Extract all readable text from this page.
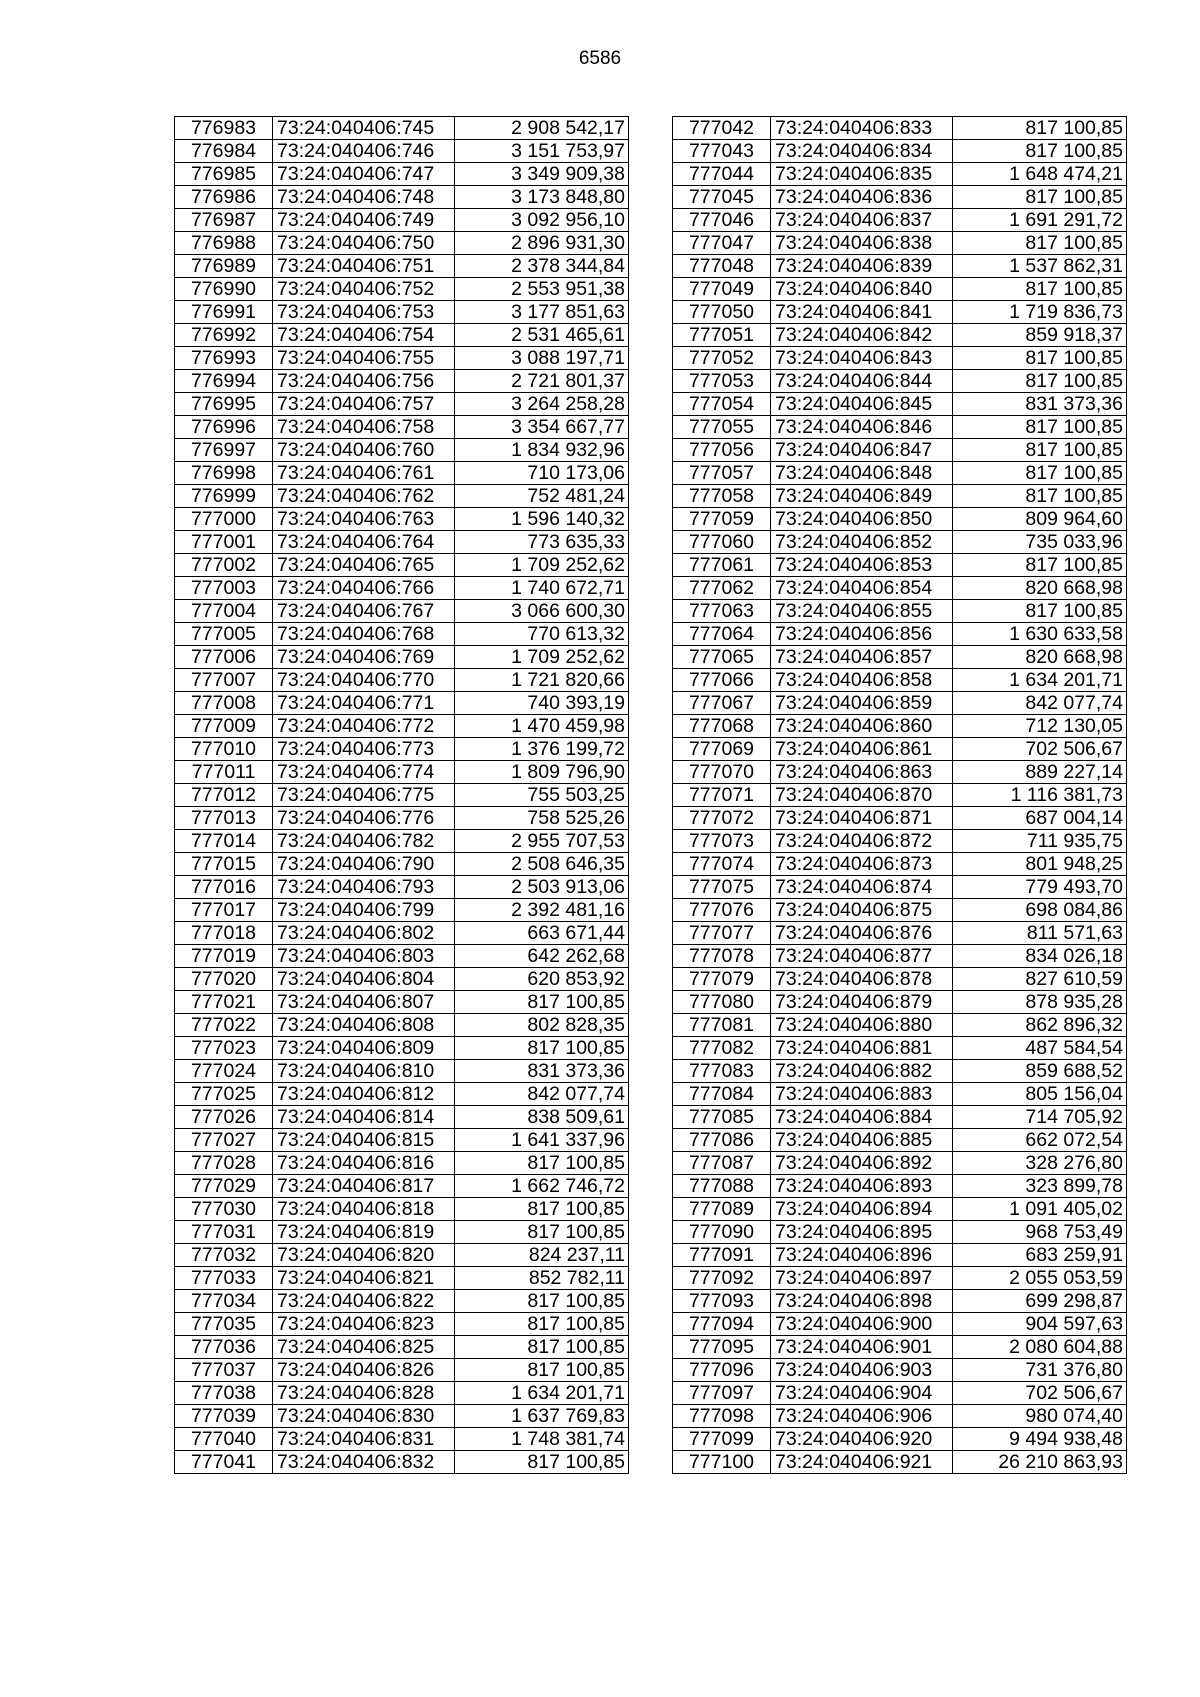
6586
776983	73:24:040406:745	2 908 542,17
776984	73:24:040406:746	3 151 753,97
776985	73:24:040406:747	3 349 909,38
776986	73:24:040406:748	3 173 848,80
776987	73:24:040406:749	3 092 956,10
776988	73:24:040406:750	2 896 931,30
776989	73:24:040406:751	2 378 344,84
776990	73:24:040406:752	2 553 951,38
776991	73:24:040406:753	3 177 851,63
776992	73:24:040406:754	2 531 465,61
776993	73:24:040406:755	3 088 197,71
776994	73:24:040406:756	2 721 801,37
776995	73:24:040406:757	3 264 258,28
776996	73:24:040406:758	3 354 667,77
776997	73:24:040406:760	1 834 932,96
776998	73:24:040406:761	710 173,06
776999	73:24:040406:762	752 481,24
777000	73:24:040406:763	1 596 140,32
777001	73:24:040406:764	773 635,33
777002	73:24:040406:765	1 709 252,62
777003	73:24:040406:766	1 740 672,71
777004	73:24:040406:767	3 066 600,30
777005	73:24:040406:768	770 613,32
777006	73:24:040406:769	1 709 252,62
777007	73:24:040406:770	1 721 820,66
777008	73:24:040406:771	740 393,19
777009	73:24:040406:772	1 470 459,98
777010	73:24:040406:773	1 376 199,72
777011	73:24:040406:774	1 809 796,90
777012	73:24:040406:775	755 503,25
777013	73:24:040406:776	758 525,26
777014	73:24:040406:782	2 955 707,53
777015	73:24:040406:790	2 508 646,35
777016	73:24:040406:793	2 503 913,06
777017	73:24:040406:799	2 392 481,16
777018	73:24:040406:802	663 671,44
777019	73:24:040406:803	642 262,68
777020	73:24:040406:804	620 853,92
777021	73:24:040406:807	817 100,85
777022	73:24:040406:808	802 828,35
777023	73:24:040406:809	817 100,85
777024	73:24:040406:810	831 373,36
777025	73:24:040406:812	842 077,74
777026	73:24:040406:814	838 509,61
777027	73:24:040406:815	1 641 337,96
777028	73:24:040406:816	817 100,85
777029	73:24:040406:817	1 662 746,72
777030	73:24:040406:818	817 100,85
777031	73:24:040406:819	817 100,85
777032	73:24:040406:820	824 237,11
777033	73:24:040406:821	852 782,11
777034	73:24:040406:822	817 100,85
777035	73:24:040406:823	817 100,85
777036	73:24:040406:825	817 100,85
777037	73:24:040406:826	817 100,85
777038	73:24:040406:828	1 634 201,71
777039	73:24:040406:830	1 637 769,83
777040	73:24:040406:831	1 748 381,74
777041	73:24:040406:832	817 100,85
777042	73:24:040406:833	817 100,85
777043	73:24:040406:834	817 100,85
777044	73:24:040406:835	1 648 474,21
777045	73:24:040406:836	817 100,85
777046	73:24:040406:837	1 691 291,72
777047	73:24:040406:838	817 100,85
777048	73:24:040406:839	1 537 862,31
777049	73:24:040406:840	817 100,85
777050	73:24:040406:841	1 719 836,73
777051	73:24:040406:842	859 918,37
777052	73:24:040406:843	817 100,85
777053	73:24:040406:844	817 100,85
777054	73:24:040406:845	831 373,36
777055	73:24:040406:846	817 100,85
777056	73:24:040406:847	817 100,85
777057	73:24:040406:848	817 100,85
777058	73:24:040406:849	817 100,85
777059	73:24:040406:850	809 964,60
777060	73:24:040406:852	735 033,96
777061	73:24:040406:853	817 100,85
777062	73:24:040406:854	820 668,98
777063	73:24:040406:855	817 100,85
777064	73:24:040406:856	1 630 633,58
777065	73:24:040406:857	820 668,98
777066	73:24:040406:858	1 634 201,71
777067	73:24:040406:859	842 077,74
777068	73:24:040406:860	712 130,05
777069	73:24:040406:861	702 506,67
777070	73:24:040406:863	889 227,14
777071	73:24:040406:870	1 116 381,73
777072	73:24:040406:871	687 004,14
777073	73:24:040406:872	711 935,75
777074	73:24:040406:873	801 948,25
777075	73:24:040406:874	779 493,70
777076	73:24:040406:875	698 084,86
777077	73:24:040406:876	811 571,63
777078	73:24:040406:877	834 026,18
777079	73:24:040406:878	827 610,59
777080	73:24:040406:879	878 935,28
777081	73:24:040406:880	862 896,32
777082	73:24:040406:881	487 584,54
777083	73:24:040406:882	859 688,52
777084	73:24:040406:883	805 156,04
777085	73:24:040406:884	714 705,92
777086	73:24:040406:885	662 072,54
777087	73:24:040406:892	328 276,80
777088	73:24:040406:893	323 899,78
777089	73:24:040406:894	1 091 405,02
777090	73:24:040406:895	968 753,49
777091	73:24:040406:896	683 259,91
777092	73:24:040406:897	2 055 053,59
777093	73:24:040406:898	699 298,87
777094	73:24:040406:900	904 597,63
777095	73:24:040406:901	2 080 604,88
777096	73:24:040406:903	731 376,80
777097	73:24:040406:904	702 506,67
777098	73:24:040406:906	980 074,40
777099	73:24:040406:920	9 494 938,48
777100	73:24:040406:921	26 210 863,93
